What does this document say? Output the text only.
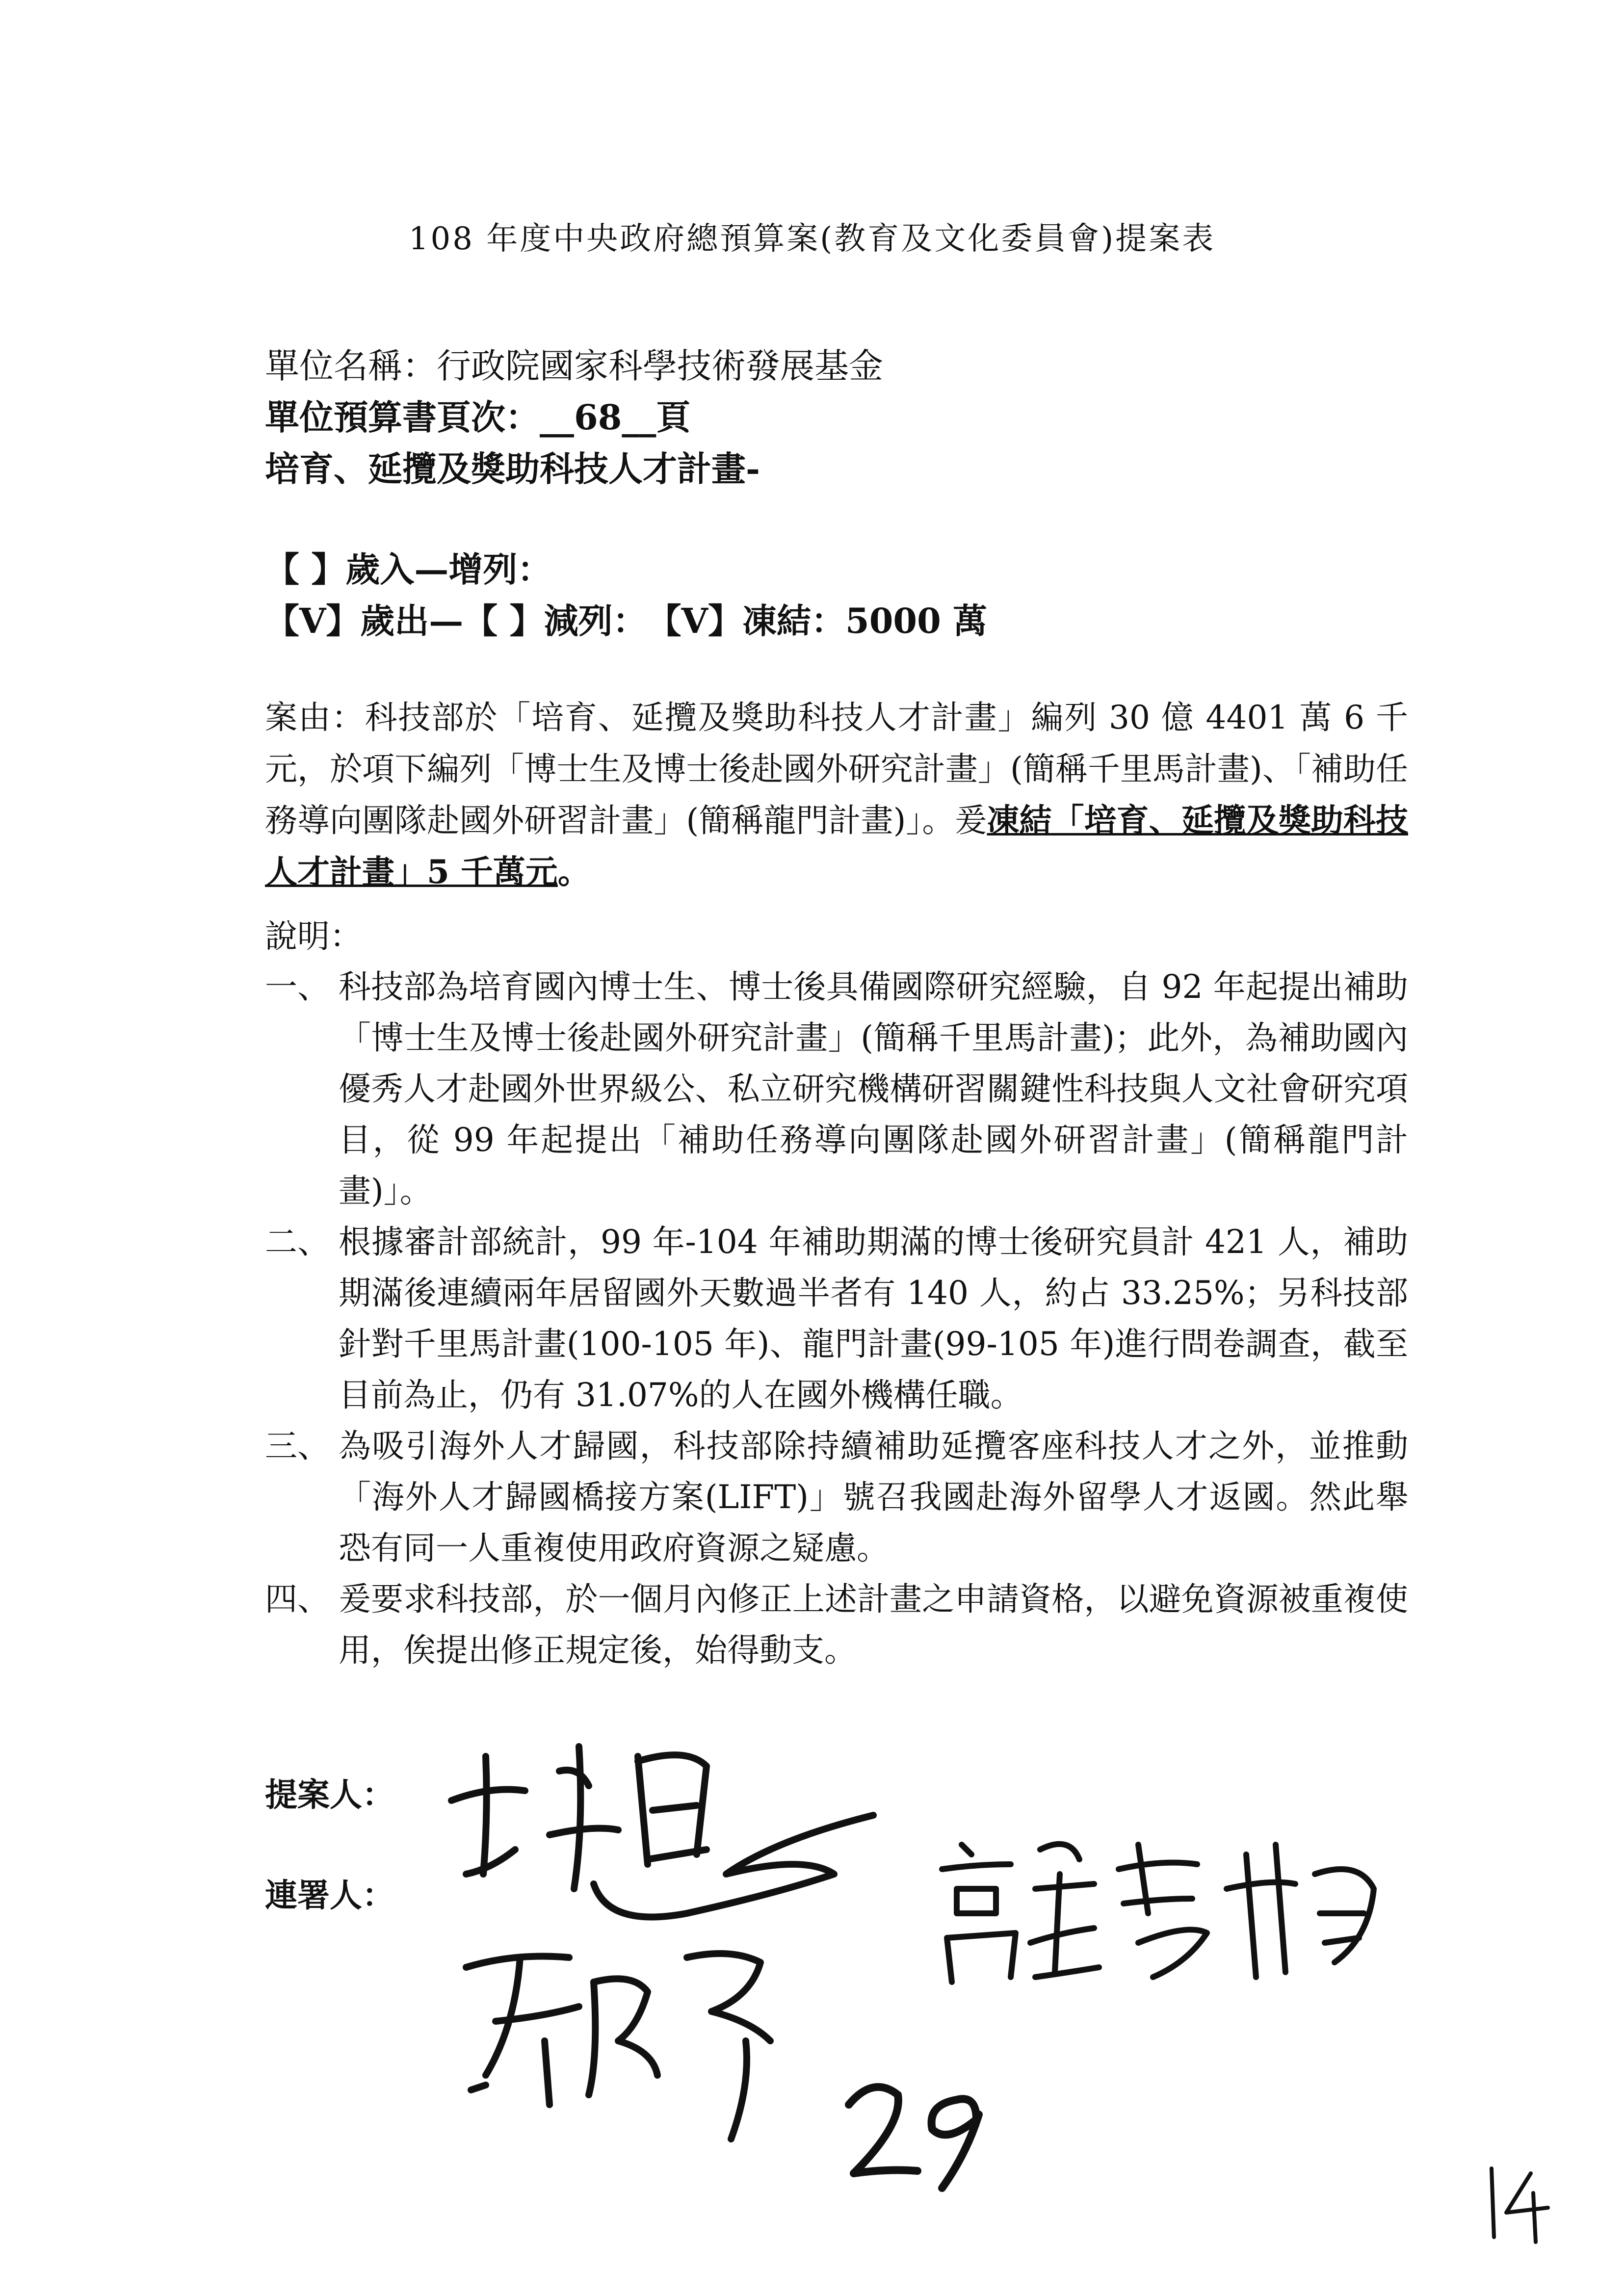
108 年度中央政府總預算案(教育及文化委員會)提案表
單位名稱：行政院國家科學技術發展基金
單位預算書頁次：__68__頁
培育、延攬及獎助科技人才計畫-
【 】歲入—增列：
【V】歲出—【 】減列：　【V】凍結：5000 萬
案由：科技部於「培育、延攬及獎助科技人才計畫」編列 30 億 4401 萬 6 千元，於項下編列「博士生及博士後赴國外研究計畫」(簡稱千里馬計畫)、「補助任務導向團隊赴國外研習計畫」(簡稱龍門計畫)」。爰凍結「培育、延攬及獎助科技人才計畫」5 千萬元。
說明：
一、 科技部為培育國內博士生、博士後具備國際研究經驗，自 92 年起提出補助「博士生及博士後赴國外研究計畫」(簡稱千里馬計畫)；此外，為補助國內優秀人才赴國外世界級公、私立研究機構研習關鍵性科技與人文社會研究項目，從 99 年起提出「補助任務導向團隊赴國外研習計畫」(簡稱龍門計畫)」。
二、 根據審計部統計，99 年-104 年補助期滿的博士後研究員計 421 人，補助期滿後連續兩年居留國外天數過半者有 140 人，約占 33.25%；另科技部針對千里馬計畫(100-105 年)、龍門計畫(99-105 年)進行問卷調查，截至目前為止，仍有 31.07%的人在國外機構任職。
三、 為吸引海外人才歸國，科技部除持續補助延攬客座科技人才之外，並推動「海外人才歸國橋接方案(LIFT)」號召我國赴海外留學人才返國。然此舉恐有同一人重複使用政府資源之疑慮。
四、 爰要求科技部，於一個月內修正上述計畫之申請資格，以避免資源被重複使用，俟提出修正規定後，始得動支。
提案人：
連署人：
